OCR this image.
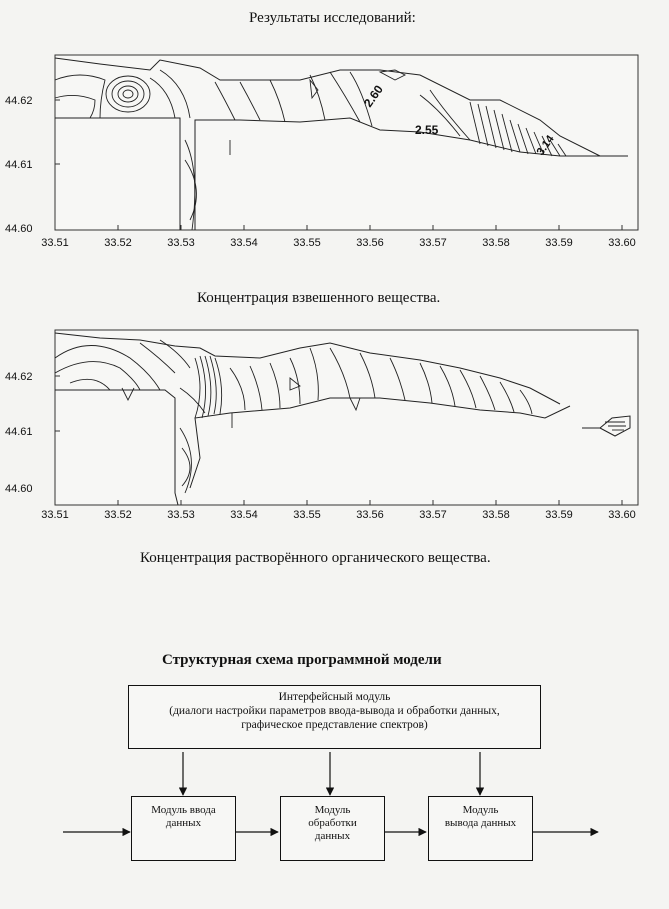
Результаты исследований:
2.60
2.55
3.14
44.62
44.61
44.60
33.51	33.52	33.53	33.54	33.55	33.56	33.57	33.58	33.59	33.60
Концентрация взвешенного вещества.
44.62
44.61
44.60
33.51	33.52	33.53	33.54	33.55	33.56	33.57	33.58	33.59	33.60
Концентрация растворённого органического вещества.
Структурная схема программной модели
Интерфейсный модуль
(диалоги настройки параметров ввода-вывода и обработки данных,
графическое представление спектров)
Модуль ввода
данных
Модуль
обработки
данных
Модуль
вывода данных
